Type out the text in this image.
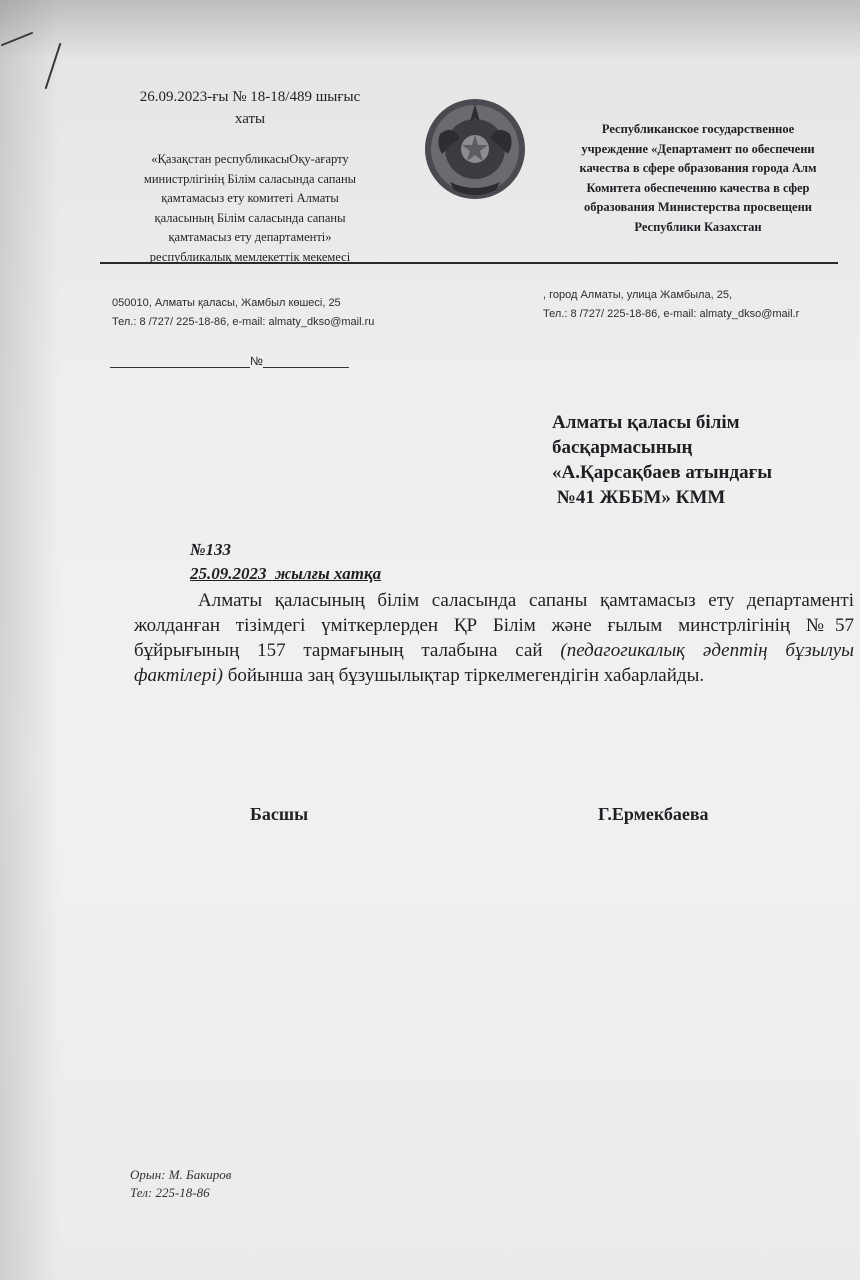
26.09.2023-ғы № 18-18/489 шығыс
хаты
«Қазақстан республикасыОқу-ағарту
министрлігінің Білім саласында сапаны
қамтамасыз ету комитеті Алматы
қаласының Білім саласында сапаны
қамтамасыз ету департаменті»
республикалық мемлекеттік мекемесі
Республиканское государственное
учреждение «Департамент по обеспечени
качества в сфере образования города Алм
Комитета обеспечению качества в сфер
образования Министерства просвещени
Республики Казахстан
050010, Алматы қаласы, Жамбыл көшесі, 25
Тел.: 8 /727/ 225-18-86, e-mail: almaty_dkso@mail.ru
, город Алматы, улица Жамбыла, 25,
Тел.: 8 /727/ 225-18-86, e-mail: almaty_dkso@mail.r
№
Алматы қаласы білім
басқармасының
«А.Қарсақбаев атындағы
№41 ЖББМ» КММ
№133
25.09.2023  жылғы хатқа
Алматы қаласының білім саласында сапаны қамтамасыз ету департаменті жолданған тізімдегі үміткерлерден ҚР Білім және ғылым минстрлігінің №57 бұйрығының 157 тармағының талабына сай (педагогикалық әдептің бұзылуы фактілері) бойынша заң бұзушылықтар тіркелмегендігін хабарлайды.
Басшы	Г.Ермекбаева
Орын: М. Бакиров
Тел: 225-18-86
